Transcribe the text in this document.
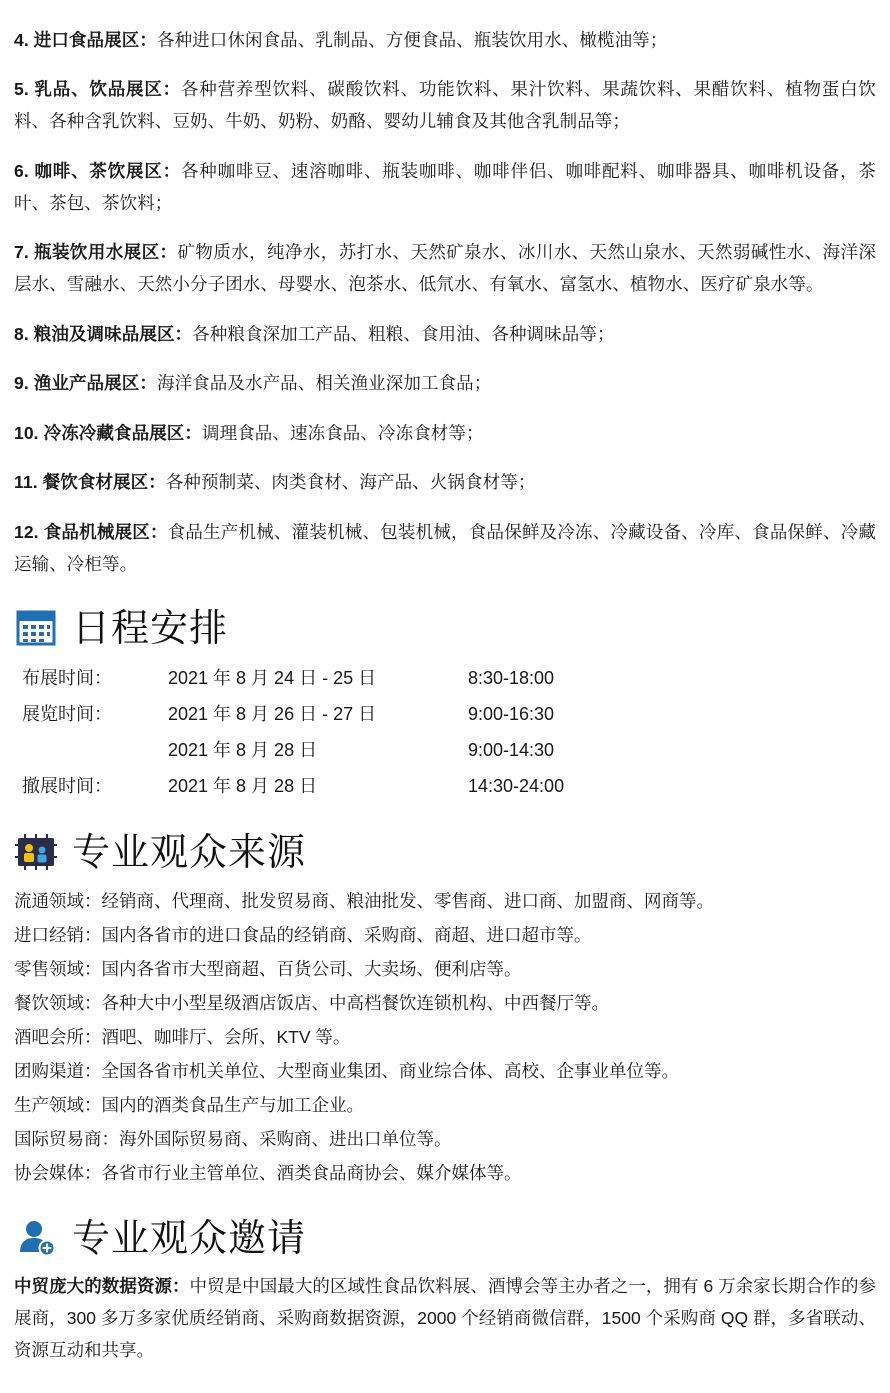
4. 进口食品展区：各种进口休闲食品、乳制品、方便食品、瓶装饮用水、橄榄油等；

5. 乳品、饮品展区：各种营养型饮料、碳酸饮料、功能饮料、果汁饮料、果蔬饮料、果醋饮料、植物蛋白饮料、各种含乳饮料、豆奶、牛奶、奶粉、奶酪、婴幼儿辅食及其他含乳制品等；

6. 咖啡、茶饮展区：各种咖啡豆、速溶咖啡、瓶装咖啡、咖啡伴侣、咖啡配料、咖啡器具、咖啡机设备，茶叶、茶包、茶饮料；

7. 瓶装饮用水展区：矿物质水，纯净水，苏打水、天然矿泉水、冰川水、天然山泉水、天然弱碱性水、海洋深层水、雪融水、天然小分子团水、母婴水、泡茶水、低氘水、有氧水、富氢水、植物水、医疗矿泉水等。

8. 粮油及调味品展区：各种粮食深加工产品、粗粮、食用油、各种调味品等；

9. 渔业产品展区：海洋食品及水产品、相关渔业深加工食品；

10. 冷冻冷藏食品展区：调理食品、速冻食品、冷冻食材等；

11. 餐饮食材展区：各种预制菜、肉类食材、海产品、火锅食材等；

12. 食品机械展区：食品生产机械、灌装机械、包装机械，食品保鲜及冷冻、冷藏设备、冷库、食品保鲜、冷藏运输、冷柜等。

日程安排
布展时间：	2021 年 8 月 24 日 - 25 日	8:30-18:00
展览时间：	2021 年 8 月 26 日 - 27 日	9:00-16:30
	2021 年 8 月 28 日	9:00-14:30
撤展时间：	2021 年 8 月 28 日	14:30-24:00
专业观众来源
流通领域：经销商、代理商、批发贸易商、粮油批发、零售商、进口商、加盟商、网商等。
进口经销：国内各省市的进口食品的经销商、采购商、商超、进口超市等。
零售领域：国内各省市大型商超、百货公司、大卖场、便利店等。
餐饮领域：各种大中小型星级酒店饭店、中高档餐饮连锁机构、中西餐厅等。
酒吧会所：酒吧、咖啡厅、会所、KTV 等。
团购渠道：全国各省市机关单位、大型商业集团、商业综合体、高校、企事业单位等。
生产领域：国内的酒类食品生产与加工企业。
国际贸易商：海外国际贸易商、采购商、进出口单位等。
协会媒体：各省市行业主管单位、酒类食品商协会、媒介媒体等。
专业观众邀请

中贸庞大的数据资源：中贸是中国最大的区域性食品饮料展、酒博会等主办者之一，拥有 6 万余家长期合作的参展商，300 多万多家优质经销商、采购商数据资源，2000 个经销商微信群，1500 个采购商 QQ 群，多省联动、资源互动和共享。
